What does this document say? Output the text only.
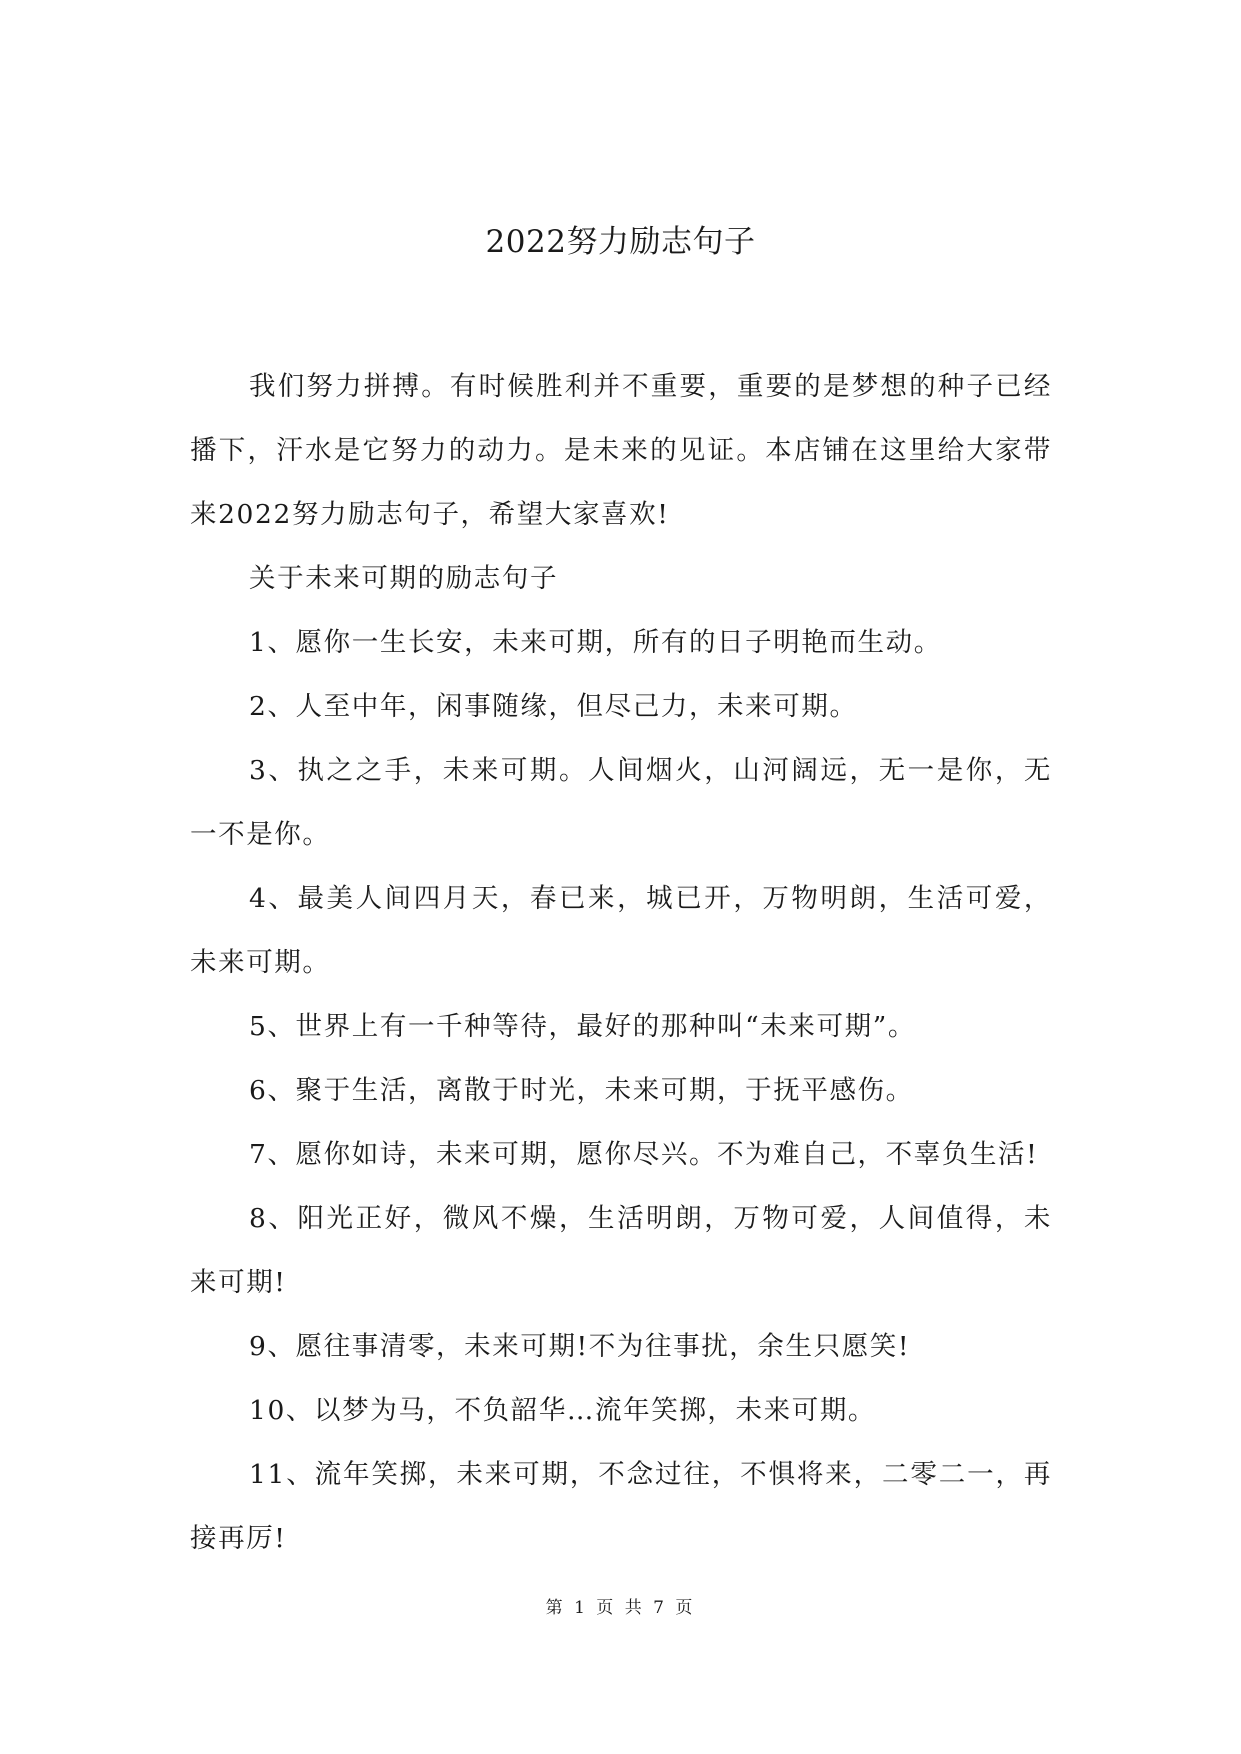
2022努力励志句子

我们努力拼搏。有时候胜利并不重要，重要的是梦想的种子已经播下，汗水是它努力的动力。是未来的见证。本店铺在这里给大家带来2022努力励志句子，希望大家喜欢!

关于未来可期的励志句子

1、愿你一生长安，未来可期，所有的日子明艳而生动。

2、人至中年，闲事随缘，但尽己力，未来可期。

3、执之之手，未来可期。人间烟火，山河阔远，无一是你，无一不是你。

4、最美人间四月天，春已来，城已开，万物明朗，生活可爱，未来可期。

5、世界上有一千种等待，最好的那种叫“未来可期”。

6、聚于生活，离散于时光，未来可期，于抚平感伤。

7、愿你如诗，未来可期，愿你尽兴。不为难自己，不辜负生活!

8、阳光正好，微风不燥，生活明朗，万物可爱，人间值得，未来可期!

9、愿往事清零，未来可期!不为往事扰，余生只愿笑!

10、以梦为马，不负韶华…流年笑掷，未来可期。

11、流年笑掷，未来可期，不念过往，不惧将来，二零二一，再接再厉!

第 1 页 共 7 页
